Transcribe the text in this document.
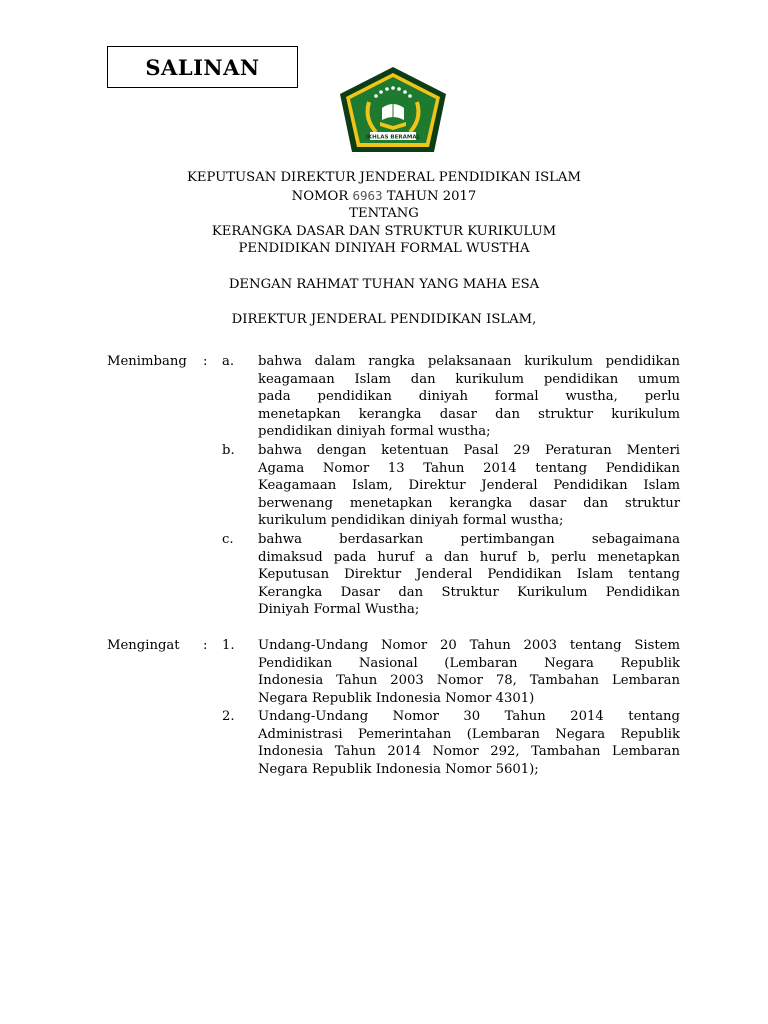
SALINAN
IKHLAS BERAMAL
KEPUTUSAN DIREKTUR JENDERAL PENDIDIKAN ISLAM
NOMOR 6963 TAHUN 2017
TENTANG
KERANGKA DASAR DAN STRUKTUR KURIKULUM
PENDIDIKAN DINIYAH FORMAL WUSTHA
DENGAN RAHMAT TUHAN YANG MAHA ESA
DIREKTUR JENDERAL PENDIDIKAN ISLAM,
Menimbang : a. bahwa dalam rangka pelaksanaan kurikulum pendidikan

keagamaan Islam dan kurikulum pendidikan umum

pada pendidikan diniyah formal wustha, perlu

menetapkan kerangka dasar dan struktur kurikulum

pendidikan diniyah formal wustha;

b. bahwa dengan ketentuan Pasal 29 Peraturan Menteri

Agama Nomor 13 Tahun 2014 tentang Pendidikan

Keagamaan Islam, Direktur Jenderal Pendidikan Islam

berwenang menetapkan kerangka dasar dan struktur

kurikulum pendidikan diniyah formal wustha;

c. bahwa berdasarkan pertimbangan sebagaimana

dimaksud pada huruf a dan huruf b, perlu menetapkan

Keputusan Direktur Jenderal Pendidikan Islam tentang

Kerangka Dasar dan Struktur Kurikulum Pendidikan

Diniyah Formal Wustha;

Mengingat : 1. Undang-Undang Nomor 20 Tahun 2003 tentang Sistem

Pendidikan Nasional (Lembaran Negara Republik

Indonesia Tahun 2003 Nomor 78, Tambahan Lembaran

Negara Republik Indonesia Nomor 4301)

2. Undang-Undang Nomor 30 Tahun 2014 tentang

Administrasi Pemerintahan (Lembaran Negara Republik

Indonesia Tahun 2014 Nomor 292, Tambahan Lembaran

Negara Republik Indonesia Nomor 5601);
